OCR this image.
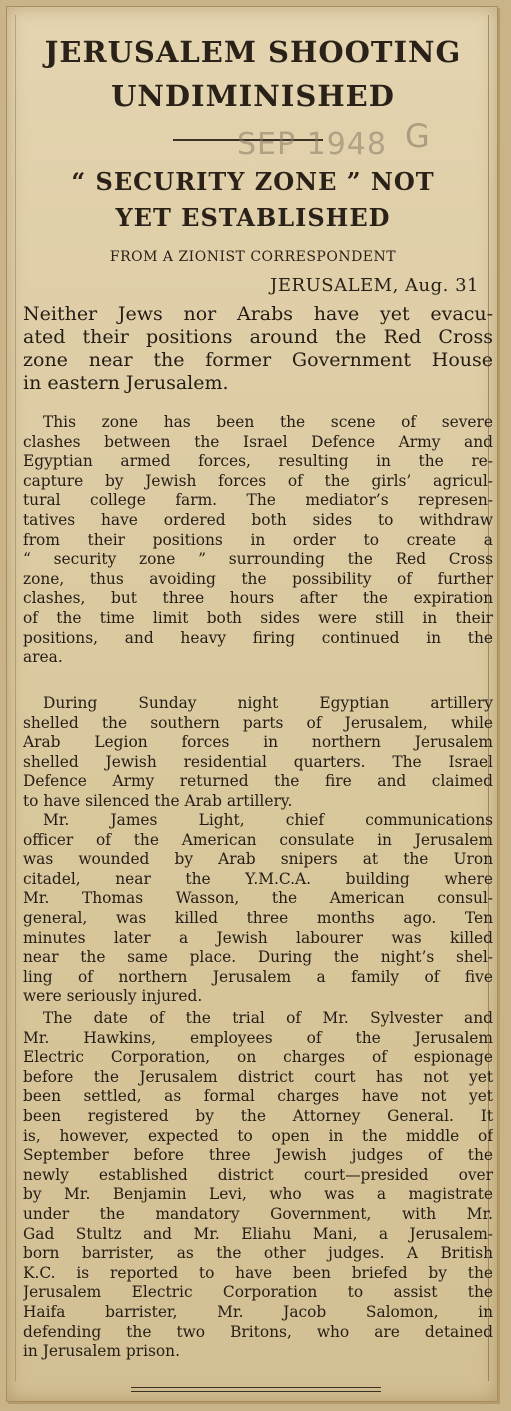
JERUSALEM SHOOTING
UNDIMINISHED
SEP 1948 G
“ SECURITY ZONE ” NOT
YET ESTABLISHED
FROM A ZIONIST CORRESPONDENT
JERUSALEM, Aug. 31
Neither Jews nor Arabs have yet evacu-
ated their positions around the Red Cross
zone near the former Government House
in eastern Jerusalem.
This zone has been the scene of severe
clashes between the Israel Defence Army and
Egyptian armed forces, resulting in the re-
capture by Jewish forces of the girls’ agricul-
tural college farm. The mediator’s represen-
tatives have ordered both sides to withdraw
from their positions in order to create a
“ security zone ” surrounding the Red Cross
zone, thus avoiding the possibility of further
clashes, but three hours after the expiration
of the time limit both sides were still in their
positions, and heavy firing continued in the
area.
During Sunday night Egyptian artillery
shelled the southern parts of Jerusalem, while
Arab Legion forces in northern Jerusalem
shelled Jewish residential quarters. The Israel
Defence Army returned the fire and claimed
to have silenced the Arab artillery.
Mr. James Light, chief communications
officer of the American consulate in Jerusalem
was wounded by Arab snipers at the Uron
citadel, near the Y.M.C.A. building where
Mr. Thomas Wasson, the American consul-
general, was killed three months ago. Ten
minutes later a Jewish labourer was killed
near the same place. During the night’s shel-
ling of northern Jerusalem a family of five
were seriously injured.
The date of the trial of Mr. Sylvester and
Mr. Hawkins, employees of the Jerusalem
Electric Corporation, on charges of espionage
before the Jerusalem district court has not yet
been settled, as formal charges have not yet
been registered by the Attorney General. It
is, however, expected to open in the middle of
September before three Jewish judges of the
newly established district court—presided over
by Mr. Benjamin Levi, who was a magistrate
under the mandatory Government, with Mr.
Gad Stultz and Mr. Eliahu Mani, a Jerusalem-
born barrister, as the other judges. A British
K.C. is reported to have been briefed by the
Jerusalem Electric Corporation to assist the
Haifa barrister, Mr. Jacob Salomon, in
defending the two Britons, who are detained
in Jerusalem prison.
